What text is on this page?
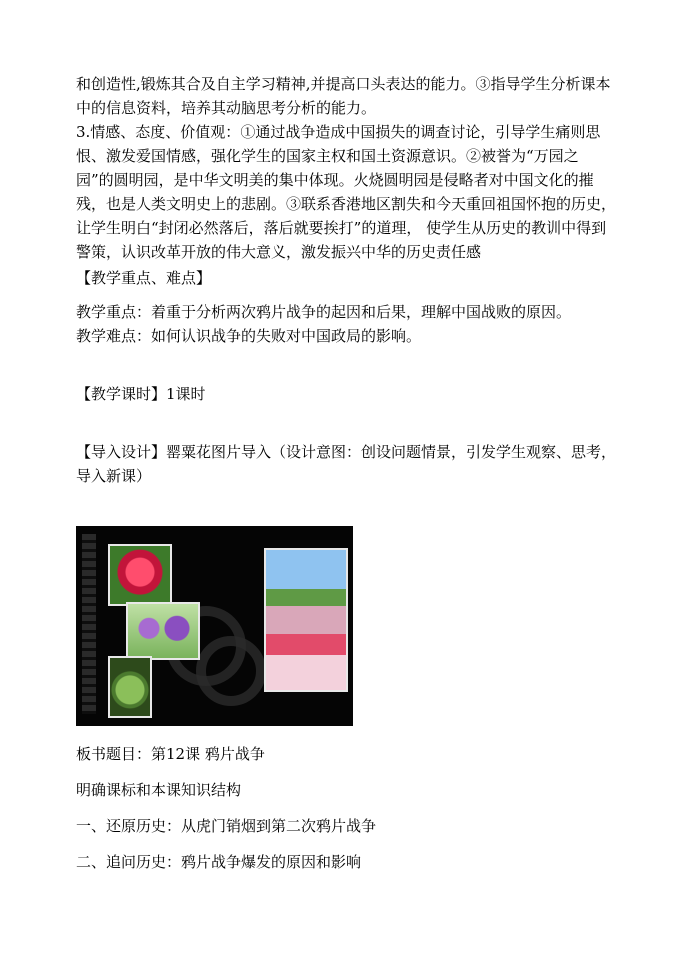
和创造性,锻炼其合及自主学习精神,并提高口头表达的能力。③指导学生分析课本中的信息资料，培养其动脑思考分析的能力。

3.情感、态度、价值观：①通过战争造成中国损失的调查讨论，引导学生痛则思恨、激发爱国情感，强化学生的国家主权和国土资源意识。②被誉为“万园之园”的圆明园，是中华文明美的集中体现。火烧圆明园是侵略者对中国文化的摧残，也是人类文明史上的悲剧。③联系香港地区割失和今天重回祖国怀抱的历史，让学生明白“封闭必然落后，落后就要挨打”的道理， 使学生从历史的教训中得到警策，认识改革开放的伟大意义，激发振兴中华的历史责任感

【教学重点、难点】

教学重点：着重于分析两次鸦片战争的起因和后果，理解中国战败的原因。

教学难点：如何认识战争的失败对中国政局的影响。

【教学课时】1课时

【导入设计】罂粟花图片导入（设计意图：创设问题情景，引发学生观察、思考，导入新课）

板书题目：第12课 鸦片战争

明确课标和本课知识结构

一、还原历史：从虎门销烟到第二次鸦片战争

二、追问历史：鸦片战争爆发的原因和影响
